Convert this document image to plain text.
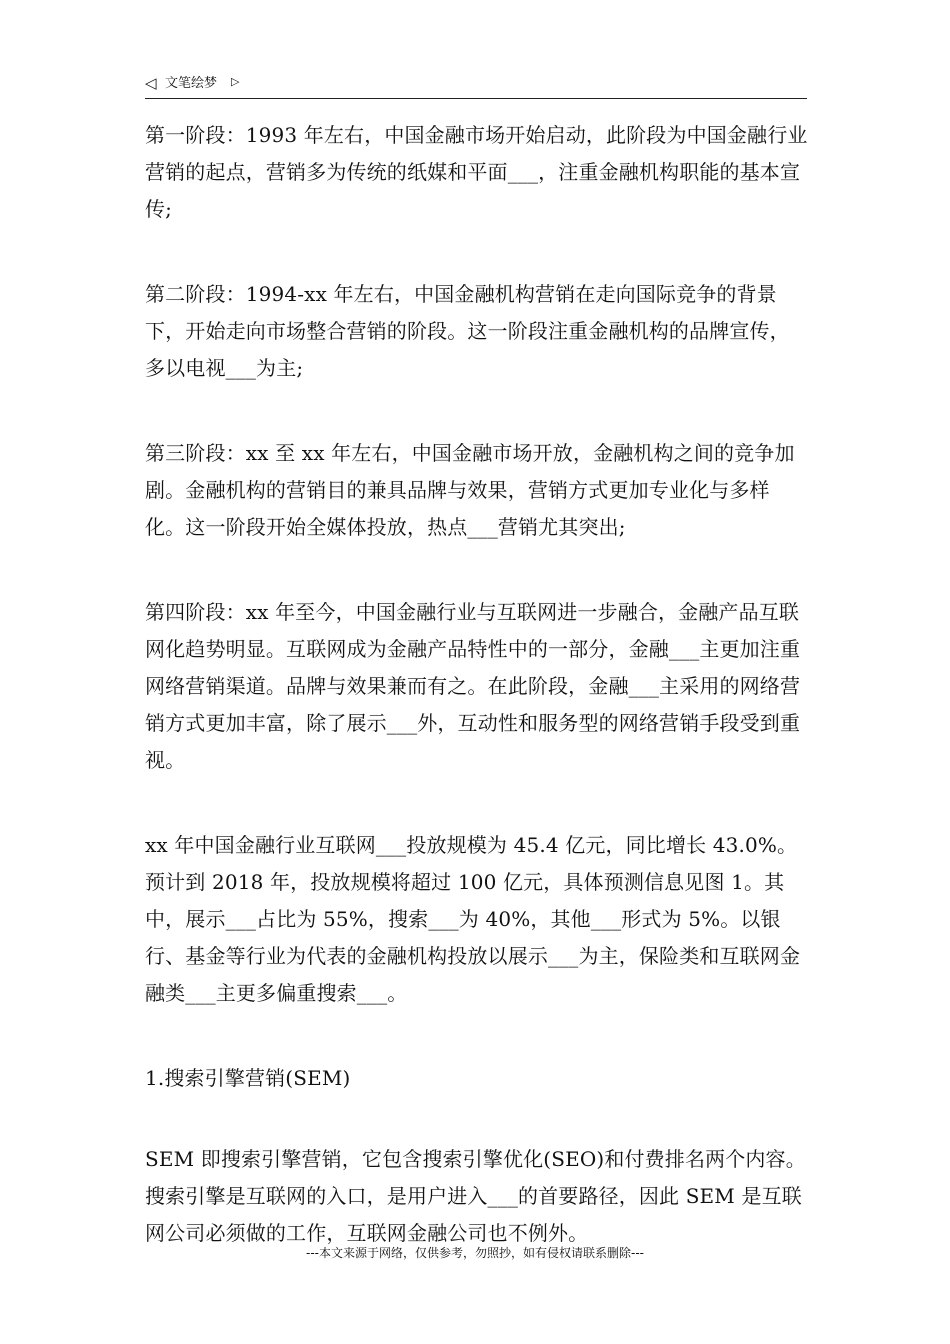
◁ 文笔绘梦 ▷

第一阶段：1993 年左右，中国金融市场开始启动，此阶段为中国金融行业营销的起点，营销多为传统的纸媒和平面___，注重金融机构职能的基本宣传;

第二阶段：1994-xx 年左右，中国金融机构营销在走向国际竞争的背景下，开始走向市场整合营销的阶段。这一阶段注重金融机构的品牌宣传，多以电视___为主;

第三阶段：xx 至 xx 年左右，中国金融市场开放，金融机构之间的竞争加剧。金融机构的营销目的兼具品牌与效果，营销方式更加专业化与多样化。这一阶段开始全媒体投放，热点___营销尤其突出;

第四阶段：xx 年至今，中国金融行业与互联网进一步融合，金融产品互联网化趋势明显。互联网成为金融产品特性中的一部分，金融___主更加注重网络营销渠道。品牌与效果兼而有之。在此阶段，金融___主采用的网络营销方式更加丰富，除了展示___外，互动性和服务型的网络营销手段受到重视。

xx 年中国金融行业互联网___投放规模为 45.4 亿元，同比增长 43.0%。预计到 2018 年，投放规模将超过 100 亿元，具体预测信息见图 1。其中，展示___占比为 55%，搜索___为 40%，其他___形式为 5%。以银行、基金等行业为代表的金融机构投放以展示___为主，保险类和互联网金融类___主更多偏重搜索___。

1.搜索引擎营销(SEM)

SEM 即搜索引擎营销，它包含搜索引擎优化(SEO)和付费排名两个内容。搜索引擎是互联网的入口，是用户进入___的首要路径，因此 SEM 是互联网公司必须做的工作，互联网金融公司也不例外。

---本文来源于网络，仅供参考，勿照抄，如有侵权请联系删除---
